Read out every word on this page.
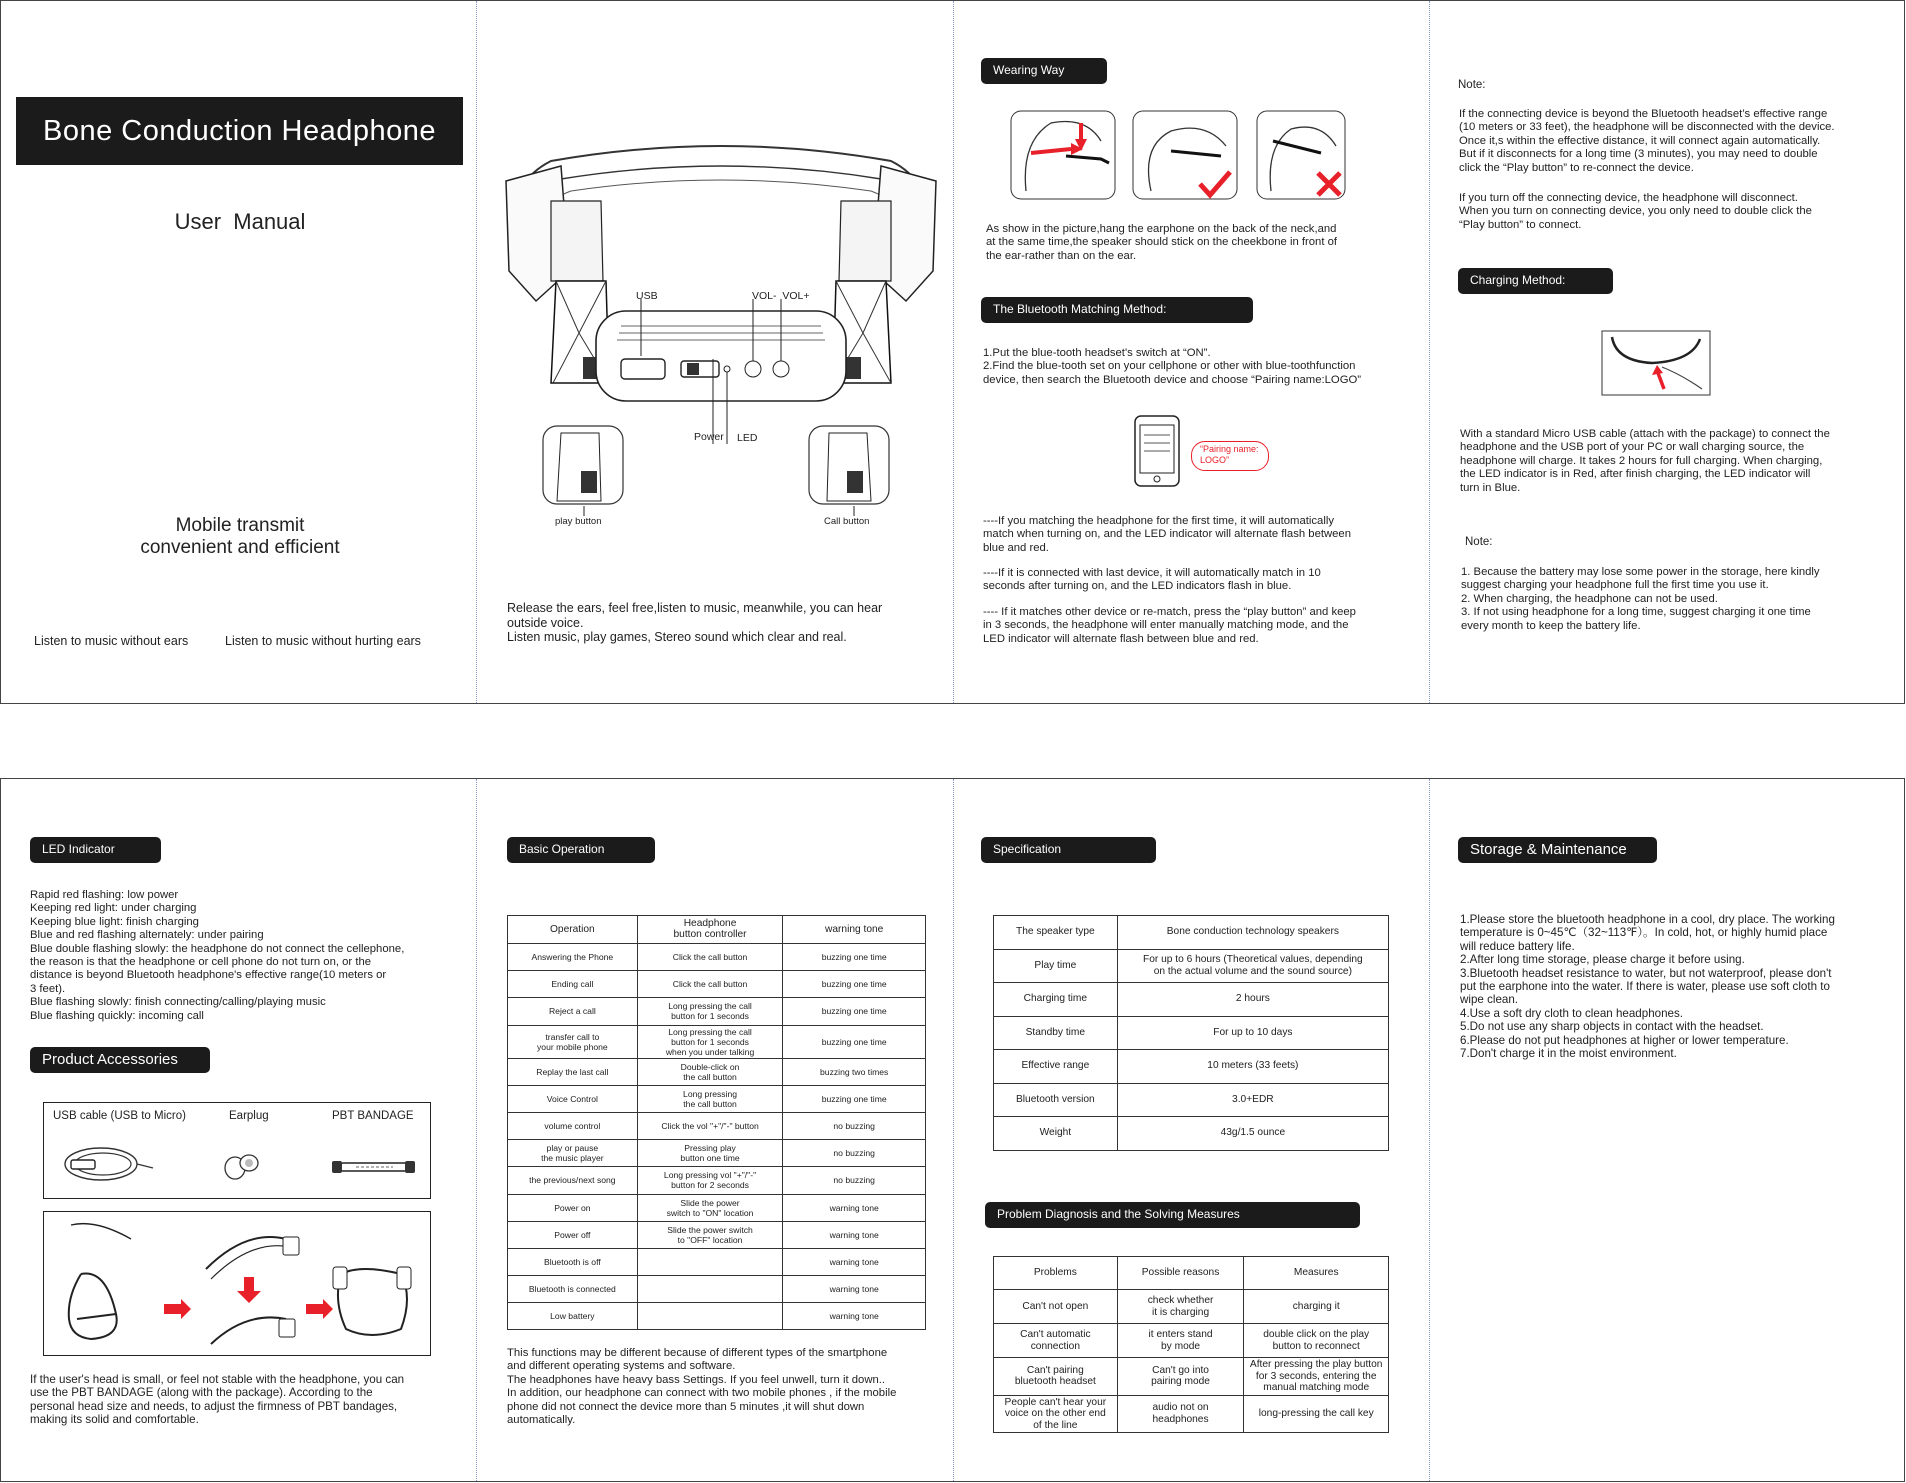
Bone Conduction Headphone
User  Manual
Mobile transmit
convenient and efficient
Listen to music without ears	Listen to music without hurting ears
USB	VOL-  VOL+
Power LED
play button	Call button
Release the ears, feel free,listen to music, meanwhile, you can hear
outside voice.
Listen music, play games, Stereo sound which clear and real.
Wearing Way
As show in the picture,hang the earphone on the back of the neck,and
at the same time,the speaker should stick on the cheekbone in front of
the ear-rather than on the ear.
The Bluetooth Matching Method:
1.Put the blue-tooth headset's switch at “ON”.
2.Find the blue-tooth set on your cellphone or other with blue-toothfunction
device, then search the Bluetooth device and choose “Pairing name:LOGO”
“Pairing name:
LOGO”
----If you matching the headphone for the first time, it will automatically
match when turning on, and the LED indicator will alternate flash between
blue and red.
----If it is connected with last device, it will automatically match in 10
seconds after turning on, and the LED indicators flash in blue.
---- If it matches other device or re-match, press the “play button” and keep
in 3 seconds, the headphone will enter manually matching mode, and the
LED indicator will alternate flash between blue and red.
Note:
If the connecting device is beyond the Bluetooth headset’s effective range
(10 meters or 33 feet), the headphone will be disconnected with the device.
Once it,s within the effective distance, it will connect again automatically.
But if it disconnects for a long time (3 minutes), you may need to double
click the “Play button” to re-connect the device.
If you turn off the connecting device, the headphone will disconnect.
When you turn on connecting device, you only need to double click the
“Play button” to connect.
Charging Method:
With a standard Micro USB cable (attach with the package) to connect the
headphone and the USB port of your PC or wall charging source, the
headphone will charge. It takes 2 hours for full charging. When charging,
the LED indicator is in Red, after finish charging, the LED indicator will
turn in Blue.
Note:
1. Because the battery may lose some power in the storage, here kindly
suggest charging your headphone full the first time you use it.
2. When charging, the headphone can not be used.
3. If not using headphone for a long time, suggest charging it one time
every month to keep the battery life.
LED Indicator
Rapid red flashing: low power
Keeping red light: under charging
Keeping blue light: finish charging
Blue and red flashing alternately: under pairing
Blue double flashing slowly: the headphone do not connect the cellephone,
the reason is that the headphone or cell phone do not turn on, or the
distance is beyond Bluetooth headphone's effective range(10 meters or
3 feet).
Blue flashing slowly: finish connecting/calling/playing music
Blue flashing quickly: incoming call
Product Accessories
USB cable (USB to Micro)	Earplug	PBT BANDAGE
If the user's head is small, or feel not stable with the headphone, you can
use the PBT BANDAGE (along with the package). According to the
personal head size and needs, to adjust the firmness of PBT bandages,
making its solid and comfortable.
Basic Operation
Operation	Headphone
button controller	warning tone
Answering the Phone	Click the call button	buzzing one time
Ending call	Click the call button	buzzing one time
Reject a call	Long pressing the call
button for 1 seconds	buzzing one time
transfer call to
your mobile phone	Long pressing the call
button for 1 seconds
when you under talking	buzzing one time
Replay the last call	Double-click on
the call button	buzzing two times
Voice Control	Long pressing
the call button	buzzing one time
volume control	Click the vol "+"/"-" button	no buzzing
play or pause
the music player	Pressing play
button one time	no buzzing
the previous/next song	Long pressing vol "+"/"-"
button for 2 seconds	no buzzing
Power on	Slide the power
switch to "ON" location	warning tone
Power off	Slide the power switch
to "OFF" location	warning tone
Bluetooth is off		warning tone
Bluetooth is connected		warning tone
Low battery		warning tone
This functions may be different because of different types of the smartphone
and different operating systems and software.
The headphones have heavy bass Settings. If you feel unwell, turn it down..
In addition, our headphone can connect with two mobile phones , if the mobile
phone did not connect the device more than 5 minutes ,it will shut down
automatically.
Specification
The speaker type	Bone conduction technology speakers
Play time	For up to 6 hours (Theoretical values, depending
on the actual volume and the sound source)
Charging time	2 hours
Standby time	For up to 10 days
Effective range	10 meters (33 feets)
Bluetooth version	3.0+EDR
Weight	43g/1.5 ounce
Problem Diagnosis and the Solving Measures
Problems	Possible reasons	Measures
Can't not open	check whether
it is charging	charging it
Can't automatic
connection	it enters stand
by mode	double click on the play
button to reconnect
Can't pairing
bluetooth headset	Can't go into
pairing mode	After pressing the play button
for 3 seconds, entering the
manual matching mode
People can't hear your
voice on the other end
of the line	audio not on
headphones	long-pressing the call key
Storage & Maintenance
1.Please store the bluetooth headphone in a cool, dry place. The working
temperature is 0~45℃（32~113℉）。In cold, hot, or highly humid place
will reduce battery life.
2.After long time storage, please charge it before using.
3.Bluetooth headset resistance to water, but not waterproof, please don't
put the earphone into the water. If there is water, please use soft cloth to
wipe clean.
4.Use a soft dry cloth to clean headphones.
5.Do not use any sharp objects in contact with the headset.
6.Please do not put headphones at higher or lower temperature.
7.Don't charge it in the moist environment.
